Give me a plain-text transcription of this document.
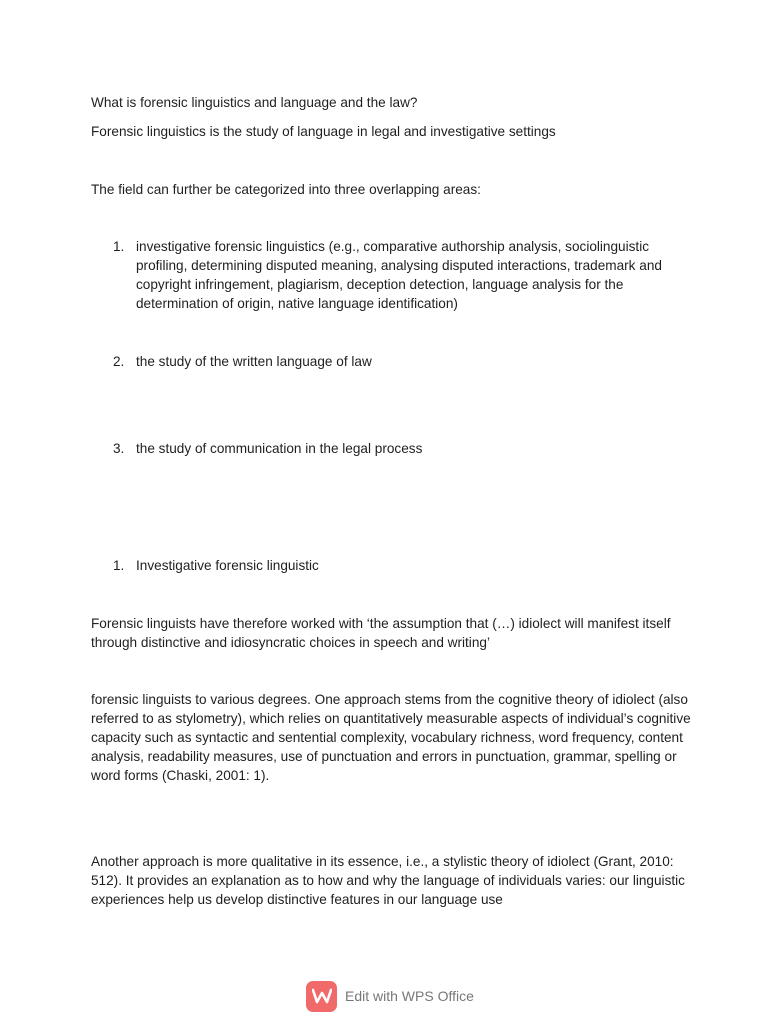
What is forensic linguistics and language and the law?

Forensic linguistics is the study of language in legal and investigative settings

The field can further be categorized into three overlapping areas:

1. investigative forensic linguistics (e.g., comparative authorship analysis, sociolinguistic profiling, determining disputed meaning, analysing disputed interactions, trademark and copyright infringement, plagiarism, deception detection, language analysis for the determination of origin, native language identification)
2. the study of the written language of law
3. the study of communication in the legal process
1. Investigative forensic linguistic

Forensic linguists have therefore worked with ‘the assumption that (…) idiolect will manifest itself through distinctive and idiosyncratic choices in speech and writing’

forensic linguists to various degrees. One approach stems from the cognitive theory of idiolect (also referred to as stylometry), which relies on quantitatively measurable aspects of individual’s cognitive capacity such as syntactic and sentential complexity, vocabulary richness, word frequency, content analysis, readability measures, use of punctuation and errors in punctuation, grammar, spelling or word forms (Chaski, 2001: 1).

Another approach is more qualitative in its essence, i.e., a stylistic theory of idiolect (Grant, 2010: 512). It provides an explanation as to how and why the language of individuals varies: our linguistic experiences help us develop distinctive features in our language use

Edit with WPS Office
